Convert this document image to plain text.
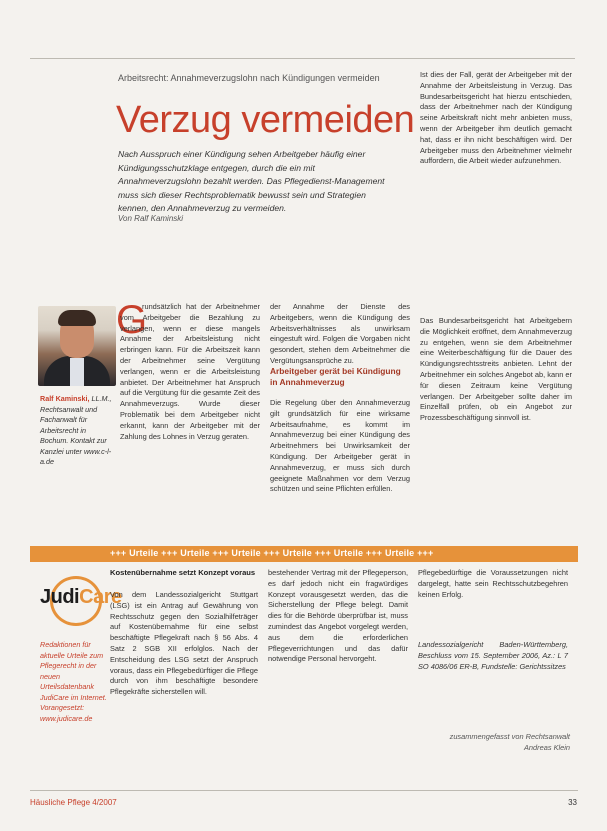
Arbeitsrecht: Annahmeverzugslohn nach Kündigungen vermeiden
Verzug vermeiden
Nach Ausspruch einer Kündigung sehen Arbeitgeber häufig einer Kündigungsschutzklage entgegen, durch die ein mit Annahmeverzugslohn bezahlt werden. Das Pflegedienst-Management muss sich dieser Rechtsproblematik bewusst sein und Strategien kennen, den Annahmeverzug zu vermeiden.
Von Ralf Kaminski
Ralf Kaminski, LL.M., Rechtsanwalt und Fachanwalt für Arbeitsrecht in Bochum. Kontakt zur Kanzlei unter www.c-l-a.de
G
rundsätzlich hat der Arbeitnehmer vom Arbeitgeber die Bezahlung zu verlangen, wenn er diese mangels Annahme der Arbeitsleistung nicht erbringen kann. Für die Arbeitszeit kann der Arbeitnehmer seine Vergütung verlangen, wenn er die Arbeitsleistung anbietet. Der Arbeitnehmer hat Anspruch auf die Vergütung für die gesamte Zeit des Annahmeverzugs. Wurde dieser Problematik bei dem Arbeitgeber nicht erkannt, kann der Arbeitgeber mit der Zahlung des Lohnes in Verzug geraten.
der Annahme der Dienste des Arbeitgebers, wenn die Kündigung des Arbeitsverhältnisses als unwirksam eingestuft wird. Folgen die Vorgaben nicht gesondert, stehen dem Arbeitnehmer die Vergütungsansprüche zu.
Arbeitgeber gerät bei Kündigung in Annahmeverzug
Die Regelung über den Annahmeverzug gilt grundsätzlich für eine wirksame Arbeitsaufnahme, es kommt im Annahmeverzug bei einer Kündigung des Arbeitnehmers bei Unwirksamkeit der Kündigung. Der Arbeitgeber gerät in Annahmeverzug, er muss sich durch geeignete Maßnahmen vor dem Verzug schützen und seine Pflichten erfüllen.
Ist dies der Fall, gerät der Arbeitgeber mit der Annahme der Arbeitsleistung in Verzug. Das Bundesarbeitsgericht hat hierzu entschieden, dass der Arbeitnehmer nach der Kündigung seine Arbeitskraft nicht mehr anbieten muss, wenn der Arbeitgeber ihm deutlich gemacht hat, dass er ihn nicht beschäftigen wird. Der Arbeitgeber muss den Arbeitnehmer vielmehr auffordern, die Arbeit wieder aufzunehmen.
Das Bundesarbeitsgericht hat Arbeitgebern die Möglichkeit eröffnet, dem Annahmeverzug zu entgehen, wenn sie dem Arbeitnehmer eine Weiterbeschäftigung für die Dauer des Kündigungsrechtsstreits anbieten. Lehnt der Arbeitnehmer ein solches Angebot ab, kann er für diesen Zeitraum keine Vergütung verlangen. Der Arbeitgeber sollte daher im Einzelfall prüfen, ob ein Angebot zur Prozessbeschäftigung sinnvoll ist.
+++ Urteile +++ Urteile +++ Urteile +++ Urteile +++ Urteile +++ Urteile +++
JudiCare
Redaktionen für aktuelle Urteile zum Pflegerecht in der neuen Urteilsdatenbank JudiCare im Internet. Vorangesetzt: www.judicare.de
Kostenübernahme setzt Konzept voraus
Von dem Landessozialgericht Stuttgart (LSG) ist ein Antrag auf Gewährung von Rechtsschutz gegen den Sozialhilfeträger auf Kostenübernahme für eine selbst beschäftigte Pflegekraft nach § 56 Abs. 4 Satz 2 SGB XII erfolglos. Nach der Entscheidung des LSG setzt der Anspruch voraus, dass ein Pflegebedürftiger die Pflege durch von ihm beschäftigte besondere Pflegekräfte sicherstellen will.
bestehender Vertrag mit der Pflegeperson, es darf jedoch nicht ein fragwürdiges Konzept vorausgesetzt werden, das die Sicherstellung der Pflege belegt. Damit dies für die Behörde überprüfbar ist, muss zumindest das Angebot vorgelegt werden, aus dem die erforderlichen Pflegeverrichtungen und das dafür notwendige Personal hervorgeht.
Pflegebedürftige die Voraussetzungen nicht dargelegt, hatte sein Rechtsschutzbegehren keinen Erfolg.
Landessozialgericht Baden-Württemberg, Beschluss vom 15. September 2006, Az.: L 7 SO 4086/06 ER-B, Fundstelle: Gerichtssitzes
zusammengefasst von Rechtsanwalt Andreas Klein
Häusliche Pflege 4/2007	33
